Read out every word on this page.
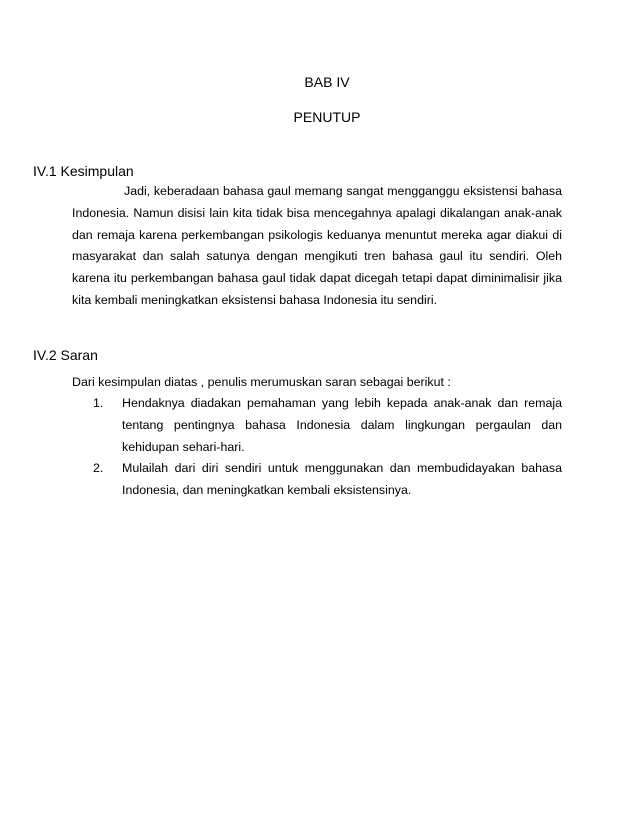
BAB IV
PENUTUP
IV.1 Kesimpulan

Jadi, keberadaan bahasa gaul memang sangat mengganggu eksistensi bahasa Indonesia. Namun disisi lain kita tidak bisa mencegahnya apalagi dikalangan anak-anak dan remaja karena perkembangan psikologis keduanya menuntut mereka agar diakui di masyarakat dan salah satunya dengan mengikuti tren bahasa gaul itu sendiri. Oleh karena itu perkembangan bahasa gaul tidak dapat dicegah tetapi dapat diminimalisir jika kita kembali meningkatkan eksistensi bahasa Indonesia itu sendiri.

IV.2 Saran
Dari kesimpulan diatas , penulis merumuskan saran sebagai berikut :
1. Hendaknya diadakan pemahaman yang lebih kepada anak-anak dan remaja tentang pentingnya bahasa Indonesia dalam lingkungan pergaulan dan kehidupan sehari-hari.
2. Mulailah dari diri sendiri untuk menggunakan dan membudidayakan bahasa Indonesia, dan meningkatkan kembali eksistensinya.
